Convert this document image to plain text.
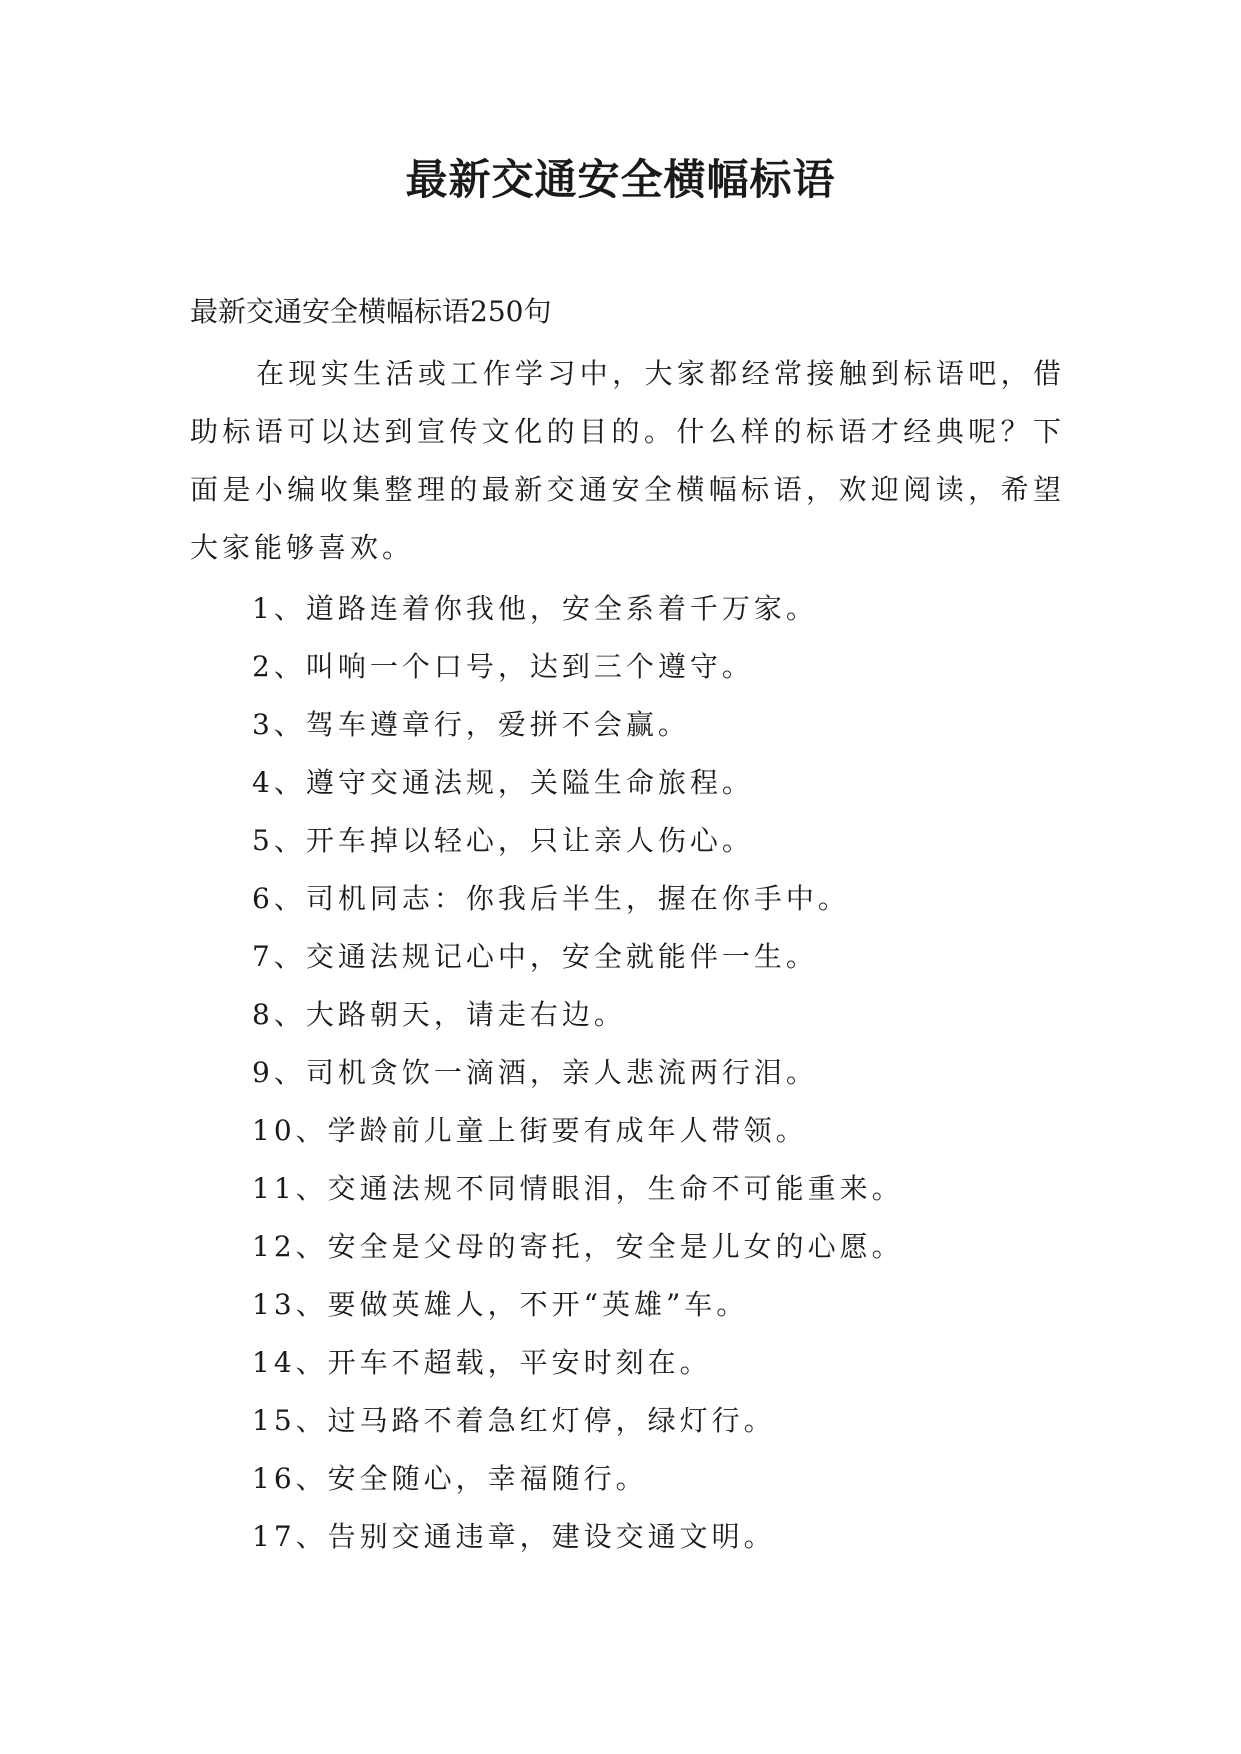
最新交通安全横幅标语

最新交通安全横幅标语250句

在现实生活或工作学习中，大家都经常接触到标语吧，借助标语可以达到宣传文化的目的。什么样的标语才经典呢？下面是小编收集整理的最新交通安全横幅标语，欢迎阅读，希望大家能够喜欢。

1、道路连着你我他，安全系着千万家。
2、叫响一个口号，达到三个遵守。
3、驾车遵章行，爱拼不会赢。
4、遵守交通法规，关隘生命旅程。
5、开车掉以轻心，只让亲人伤心。
6、司机同志：你我后半生，握在你手中。
7、交通法规记心中，安全就能伴一生。
8、大路朝天，请走右边。
9、司机贪饮一滴酒，亲人悲流两行泪。
10、学龄前儿童上街要有成年人带领。
11、交通法规不同情眼泪，生命不可能重来。
12、安全是父母的寄托，安全是儿女的心愿。
13、要做英雄人，不开“英雄”车。
14、开车不超载，平安时刻在。
15、过马路不着急红灯停，绿灯行。
16、安全随心，幸福随行。
17、告别交通违章，建设交通文明。
